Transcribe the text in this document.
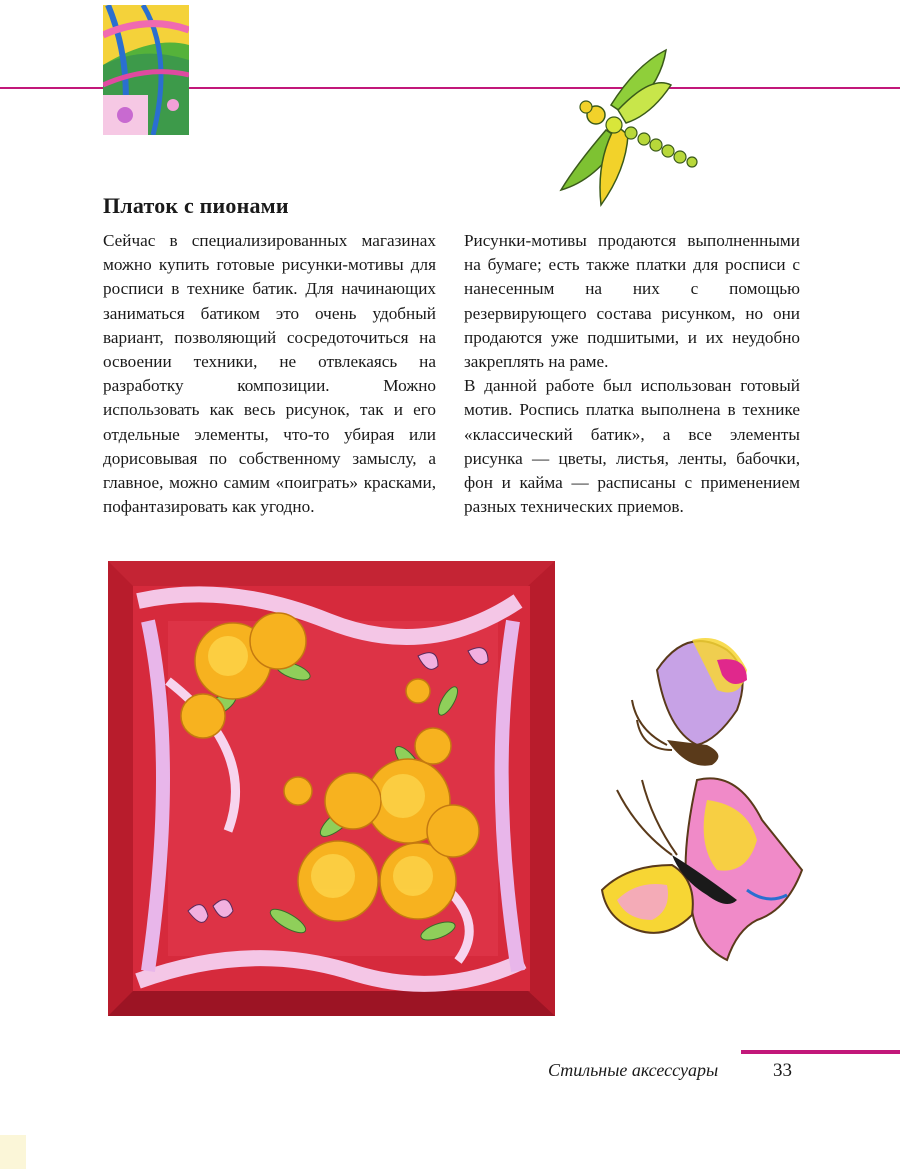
Платок с пионами

Сейчас в специализированных магазинах можно купить готовые рисунки-мотивы для росписи в технике батик. Для начинающих заниматься батиком это очень удобный вариант, позволяющий сосредоточиться на освоении техники, не отвлекаясь на разработку композиции. Можно использовать как весь рисунок, так и его отдельные элементы, что-то убирая или дорисовывая по собственному замыслу, а главное, можно самим «поиграть» красками, пофантазировать как угодно.

Рисунки-мотивы продаются выполненными на бумаге; есть также платки для росписи с нанесенным на них с помощью резервирующего состава рисунком, но они продаются уже подшитыми, и их неудобно закреплять на раме.

В данной работе был использован готовый мотив. Роспись платка выполнена в технике «классический батик», а все элементы рисунка — цветы, листья, ленты, бабочки, фон и кайма — расписаны с применением разных технических приемов.

Стильные аксессуары	33
